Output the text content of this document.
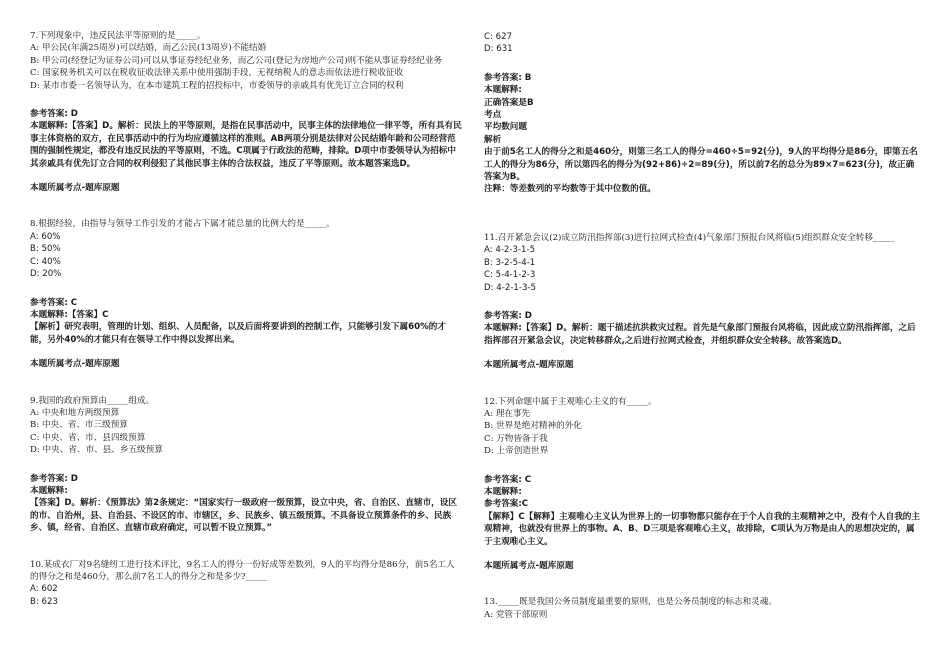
7.下列现象中，违反民法平等原则的是_____。
A: 甲公民(年满25周岁)可以结婚，而乙公民(13周岁)不能结婚
B: 甲公司(经登记为证券公司)可以从事证券经纪业务，而乙公司(登记为房地产公司)则不能从事证券经纪业务
C: 国家税务机关可以在税收征收法律关系中使用强制手段，无视纳税人的意志而依法进行税收征收
D: 某市市委一名领导认为，在本市建筑工程的招投标中，市委领导的亲戚具有优先订立合同的权利
参考答案: D
本题解释:【答案】D。解析：民法上的平等原则，是指在民事活动中，民事主体的法律地位一律平等，所有具有民事主体资格的双方，在民事活动中的行为均应遵循这样的准则。AB两项分别是法律对公民结婚年龄和公司经营范围的强制性规定，都没有违反民法的平等原则，不选。C项属于行政法的范畴，排除。D项中市委领导认为招标中其亲戚具有优先订立合同的权利侵犯了其他民事主体的合法权益，违反了平等原则。故本题答案选D。
本题所属考点-题库原题
8.根据经验，由指导与领导工作引发的才能占下属才能总量的比例大约是_____。
A: 60%
B: 50%
C: 40%
D: 20%
参考答案: C
本题解释:【答案】C
【解析】研究表明，管理的计划、组织、人员配备，以及后面将要讲到的控制工作，只能够引发下属60%的才能，另外40%的才能只有在领导工作中得以发挥出来。
本题所属考点-题库原题
9.我国的政府预算由_____组成。
A: 中央和地方两级预算
B: 中央、省、市三级预算
C: 中央、省、市、县四级预算
D: 中央、省、市、县、乡五级预算
参考答案: D
本题解释:
【答案】D。解析：《预算法》第2条规定：“国家实行一级政府一级预算，设立中央，省、自治区、直辖市，设区的市、自治州，县、自治县、不设区的市、市辖区，乡、民族乡、镇五级预算。不具备设立预算条件的乡、民族乡、镇，经省、自治区、直辖市政府确定，可以暂不设立预算。”
10.某成衣厂对9名缝纫工进行技术评比，9名工人的得分一份好成等差数列，9人的平均得分是86分，前5名工人的得分之和是460分，那么前7名工人的得分之和是多少?_____
A: 602
B: 623
C: 627
D: 631
参考答案: B
本题解释:
正确答案是B
考点
平均数问题
解析
由于前5名工人的得分之和是460分，则第三名工人的得分=460÷5=92(分)，9人的平均得分是86分，即第五名工人的得分为86分，所以第四名的得分为(92+86)÷2=89(分)，所以前7名的总分为89×7=623(分)，故正确答案为B。
注释：等差数列的平均数等于其中位数的值。
11.召开紧急会议(2)成立防汛指挥部(3)进行拉网式检查(4)气象部门预报台风将临(5)组织群众安全转移_____
A: 4-2-3-1-5
B: 3-2-5-4-1
C: 5-4-1-2-3
D: 4-2-1-3-5
参考答案: D
本题解释:【答案】D。解析：题干描述抗洪救灾过程。首先是气象部门预报台风将临，因此成立防汛指挥部，之后指挥部召开紧急会议，决定转移群众,之后进行拉网式检查，并组织群众安全转移。故答案选D。
本题所属考点-题库原题
12.下列命题中属于主观唯心主义的有_____。
A: 理在事先
B: 世界是绝对精神的外化
C: 万物皆备于我
D: 上帝创造世界
参考答案: C
本题解释:
参考答案:C
【解释】C【解释】主观唯心主义认为世界上的一切事物都只能存在于个人自我的主观精神之中，没有个人自我的主观精神，也就没有世界上的事物。A、B、D三项是客观唯心主义，故排除，C项认为万物是由人的思想决定的，属于主观唯心主义。
本题所属考点-题库原题
13._____既是我国公务员制度最重要的原则，也是公务员制度的标志和灵魂。
A: 党管干部原则
